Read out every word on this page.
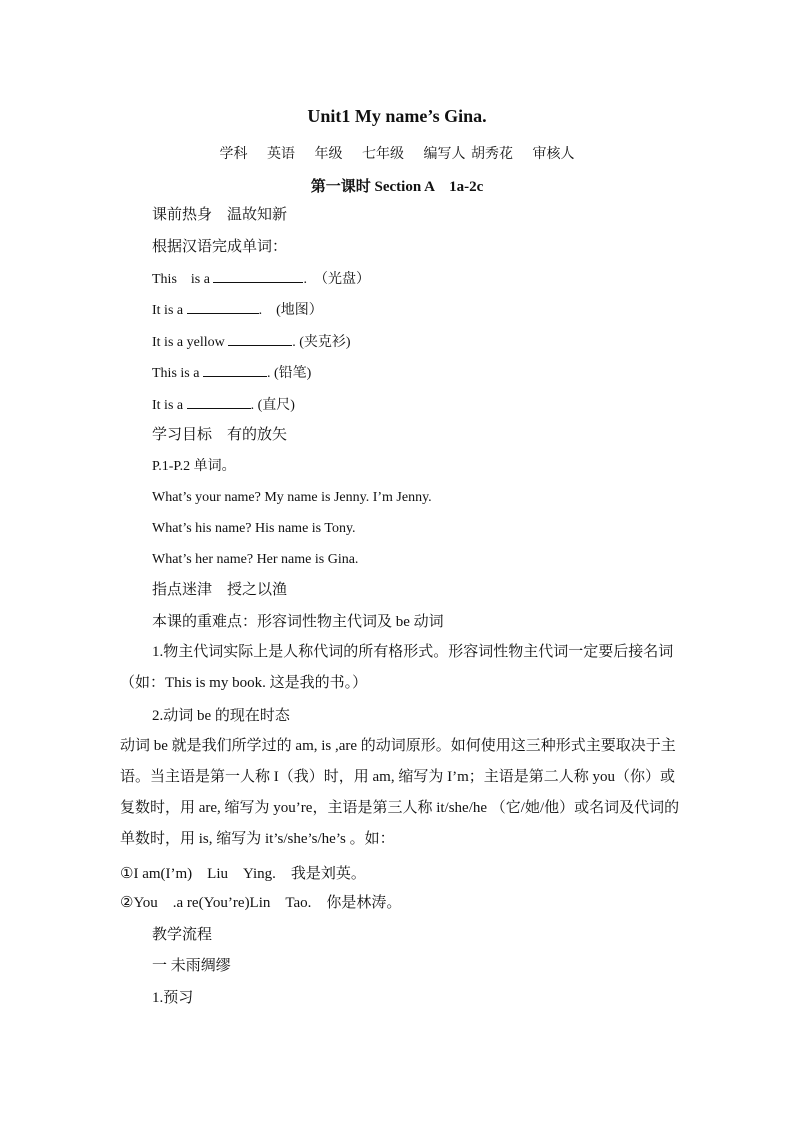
Unit1 My name’s Gina.
学科 英语 年级 七年级 编写人 胡秀花 审核人
第一课时 Section A　1a-2c
课前热身　温故知新
根据汉语完成单词：
This　is a	.　（光盘）
It is a	.　(地图）
It is a yellow	. (夹克衫)
This is a	. (铅笔)
It is a	. (直尺)
学习目标　有的放矢
P.1-P.2 单词。
What’s your name? My name is Jenny. I’m Jenny.
What’s his name? His name is Tony.
What’s her name? Her name is Gina.
指点迷津　授之以渔
本课的重难点：形容词性物主代词及 be 动词
1.物主代词实际上是人称代词的所有格形式。形容词性物主代词一定要后接名词（如：This is my book. 这是我的书。）
2.动词 be 的现在时态
动词 be 就是我们所学过的 am, is ,are 的动词原形。如何使用这三种形式主要取决于主语。当主语是第一人称 I（我）时，用 am, 缩写为 I’m；主语是第二人称 you（你）或复数时，用 are, 缩写为 you’re，主语是第三人称 it/she/he （它/她/他）或名词及代词的单数时，用 is, 缩写为 it’s/she’s/he’s 。如：
①I am(I’m)　Liu　Ying.　我是刘英。
②You　.a re(You’re)Lin　Tao.　你是林涛。
教学流程
一 未雨绸缪
1.预习
